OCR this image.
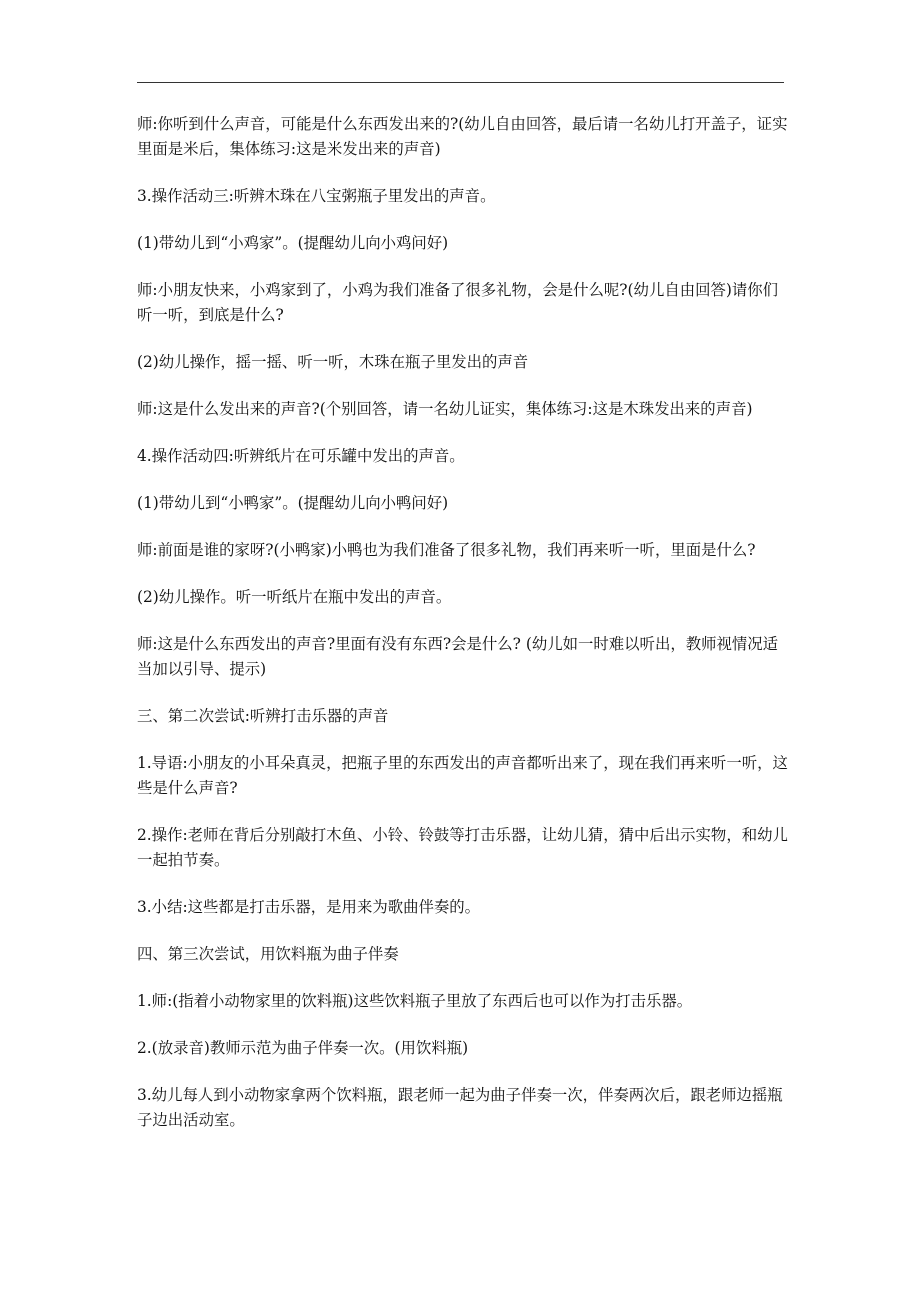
师:你听到什么声音，可能是什么东西发出来的?(幼儿自由回答，最后请一名幼儿打开盖子，证实里面是米后，集体练习:这是米发出来的声音)

3.操作活动三:听辨木珠在八宝粥瓶子里发出的声音。

(1)带幼儿到“小鸡家”。(提醒幼儿向小鸡问好)

师:小朋友快来，小鸡家到了，小鸡为我们准备了很多礼物，会是什么呢?(幼儿自由回答)请你们听一听，到底是什么?

(2)幼儿操作，摇一摇、听一听，木珠在瓶子里发出的声音

师:这是什么发出来的声音?(个别回答，请一名幼儿证实，集体练习:这是木珠发出来的声音)

4.操作活动四:听辨纸片在可乐罐中发出的声音。

(1)带幼儿到“小鸭家”。(提醒幼儿向小鸭问好)

师:前面是谁的家呀?(小鸭家)小鸭也为我们准备了很多礼物，我们再来听一听，里面是什么?

(2)幼儿操作。听一听纸片在瓶中发出的声音。

师:这是什么东西发出的声音?里面有没有东西?会是什么? (幼儿如一时难以听出，教师视情况适当加以引导、提示)

三、第二次尝试:听辨打击乐器的声音

1.导语:小朋友的小耳朵真灵，把瓶子里的东西发出的声音都听出来了，现在我们再来听一听，这些是什么声音?

2.操作:老师在背后分别敲打木鱼、小铃、铃鼓等打击乐器，让幼儿猜，猜中后出示实物，和幼儿一起拍节奏。

3.小结:这些都是打击乐器，是用来为歌曲伴奏的。

四、第三次尝试，用饮料瓶为曲子伴奏

1.师:(指着小动物家里的饮料瓶)这些饮料瓶子里放了东西后也可以作为打击乐器。

2.(放录音)教师示范为曲子伴奏一次。(用饮料瓶)

3.幼儿每人到小动物家拿两个饮料瓶，跟老师一起为曲子伴奏一次，伴奏两次后，跟老师边摇瓶子边出活动室。
